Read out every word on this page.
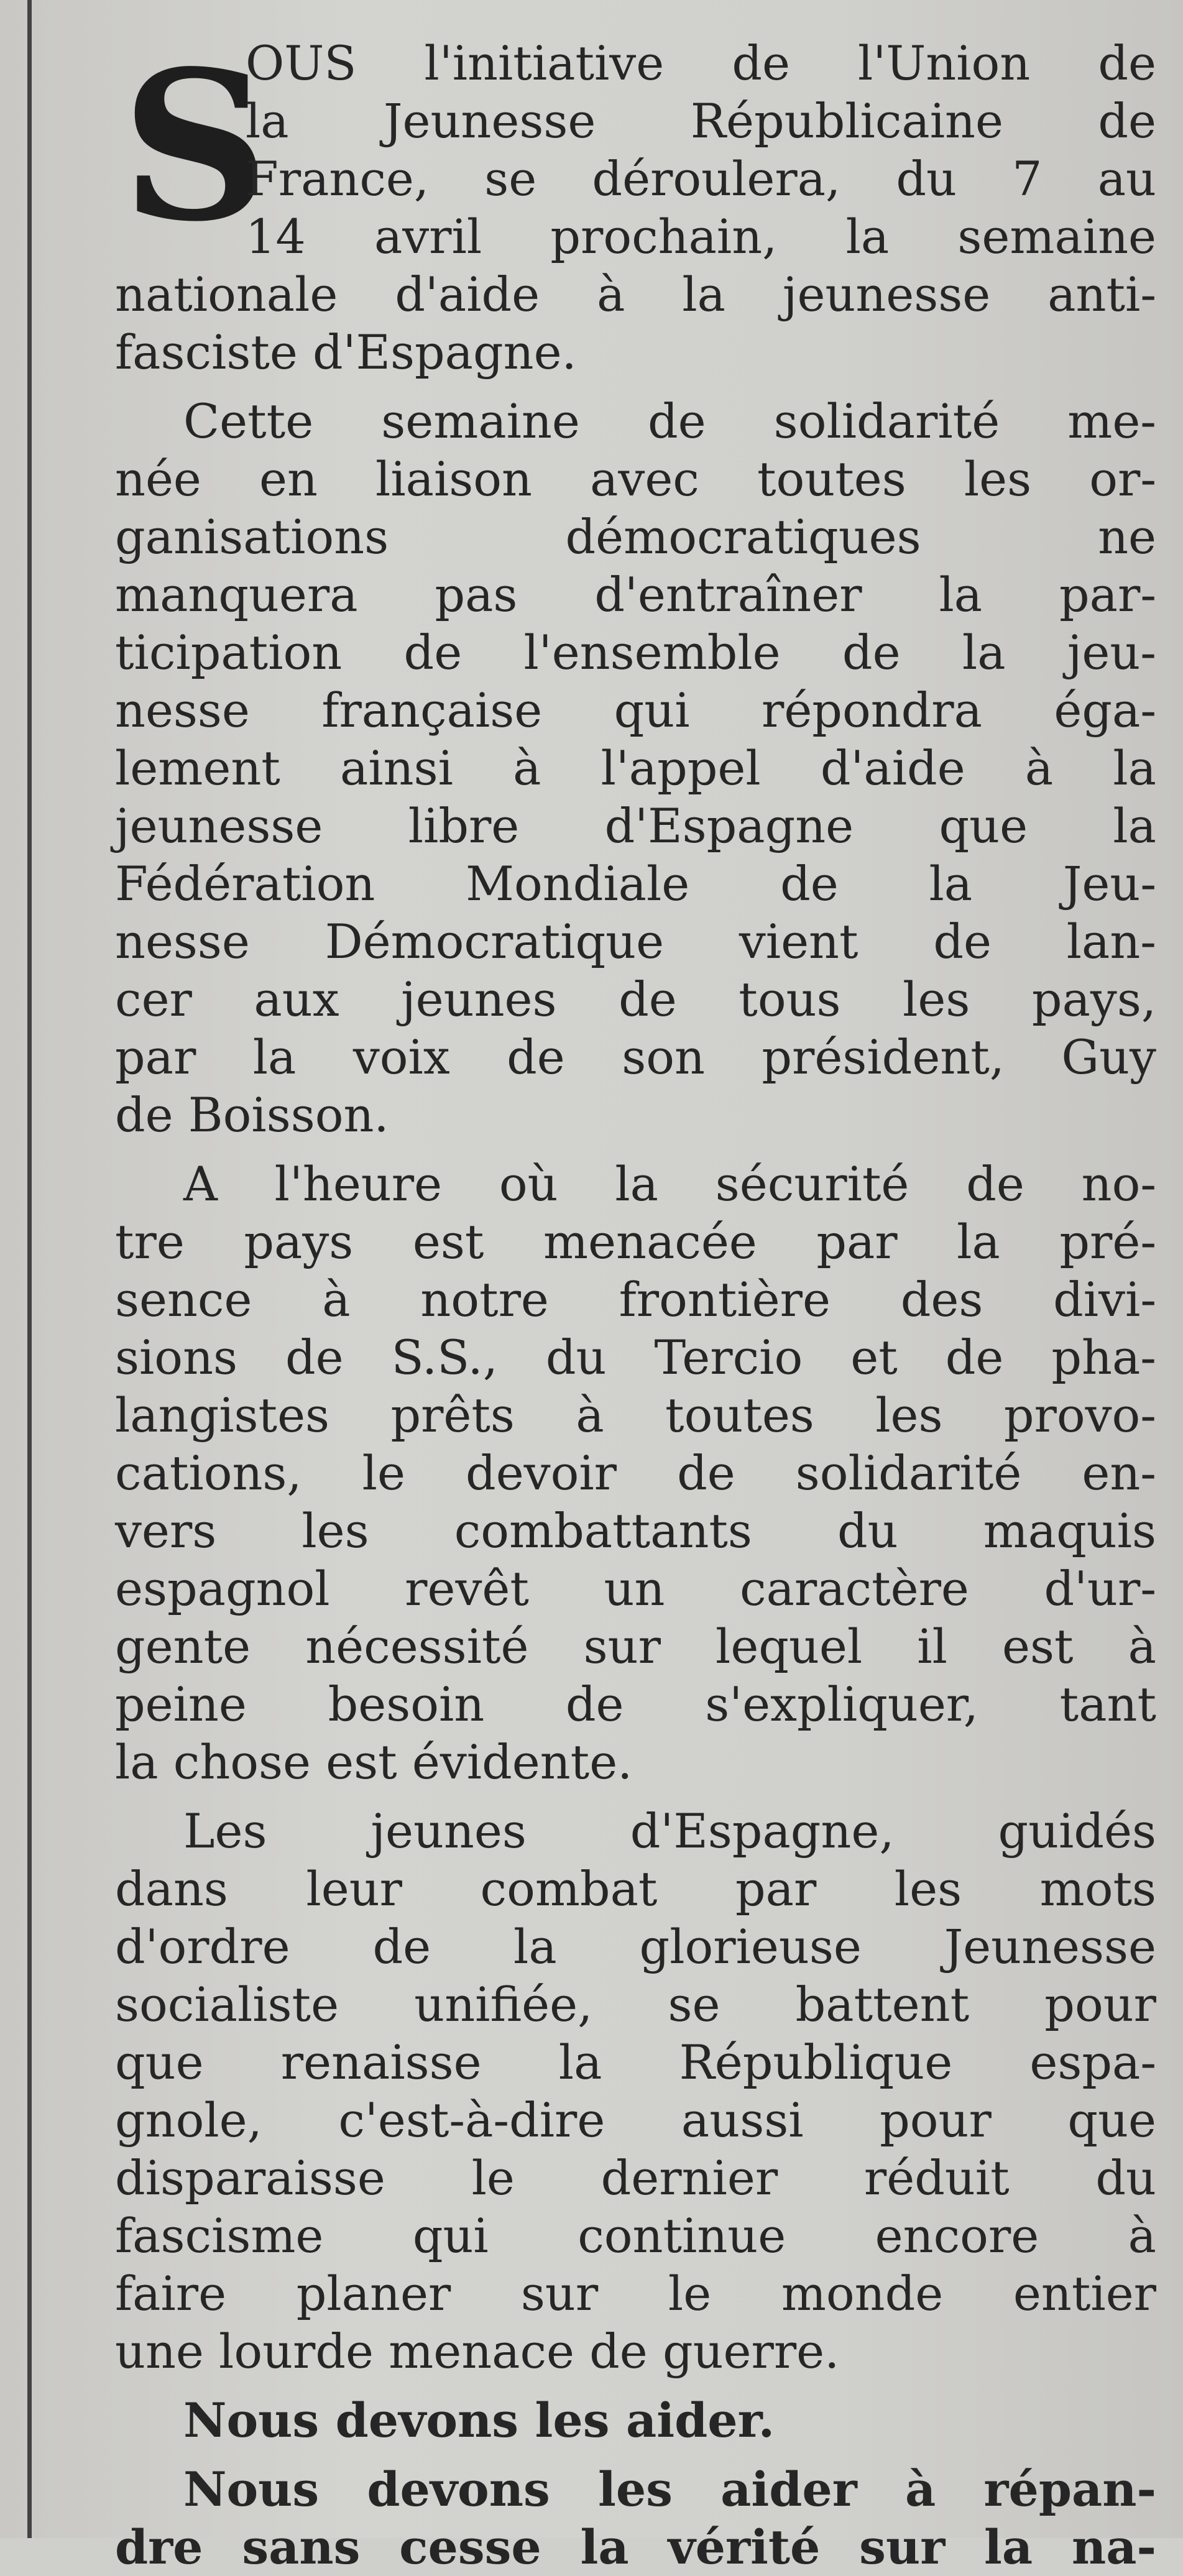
S
OUS l'initiative de l'Union de
la Jeunesse Républicaine de
France, se déroulera, du 7 au
14 avril prochain, la semaine
nationale d'aide à la jeunesse anti-
fasciste d'Espagne.
Cette semaine de solidarité me-
née en liaison avec toutes les or-
ganisations démocratiques ne
manquera pas d'entraîner la par-
ticipation de l'ensemble de la jeu-
nesse française qui répondra éga-
lement ainsi à l'appel d'aide à la
jeunesse libre d'Espagne que la
Fédération Mondiale de la Jeu-
nesse Démocratique vient de lan-
cer aux jeunes de tous les pays,
par la voix de son président, Guy
de Boisson.
A l'heure où la sécurité de no-
tre pays est menacée par la pré-
sence à notre frontière des divi-
sions de S.S., du Tercio et de pha-
langistes prêts à toutes les provo-
cations, le devoir de solidarité en-
vers les combattants du maquis
espagnol revêt un caractère d'ur-
gente nécessité sur lequel il est à
peine besoin de s'expliquer, tant
la chose est évidente.
Les jeunes d'Espagne, guidés
dans leur combat par les mots
d'ordre de la glorieuse Jeunesse
socialiste unifiée, se battent pour
que renaisse la République espa-
gnole, c'est-à-dire aussi pour que
disparaisse le dernier réduit du
fascisme qui continue encore à
faire planer sur le monde entier
une lourde menace de guerre.
Nous devons les aider.
Nous devons les aider à répan-
dre sans cesse la vérité sur la na-
